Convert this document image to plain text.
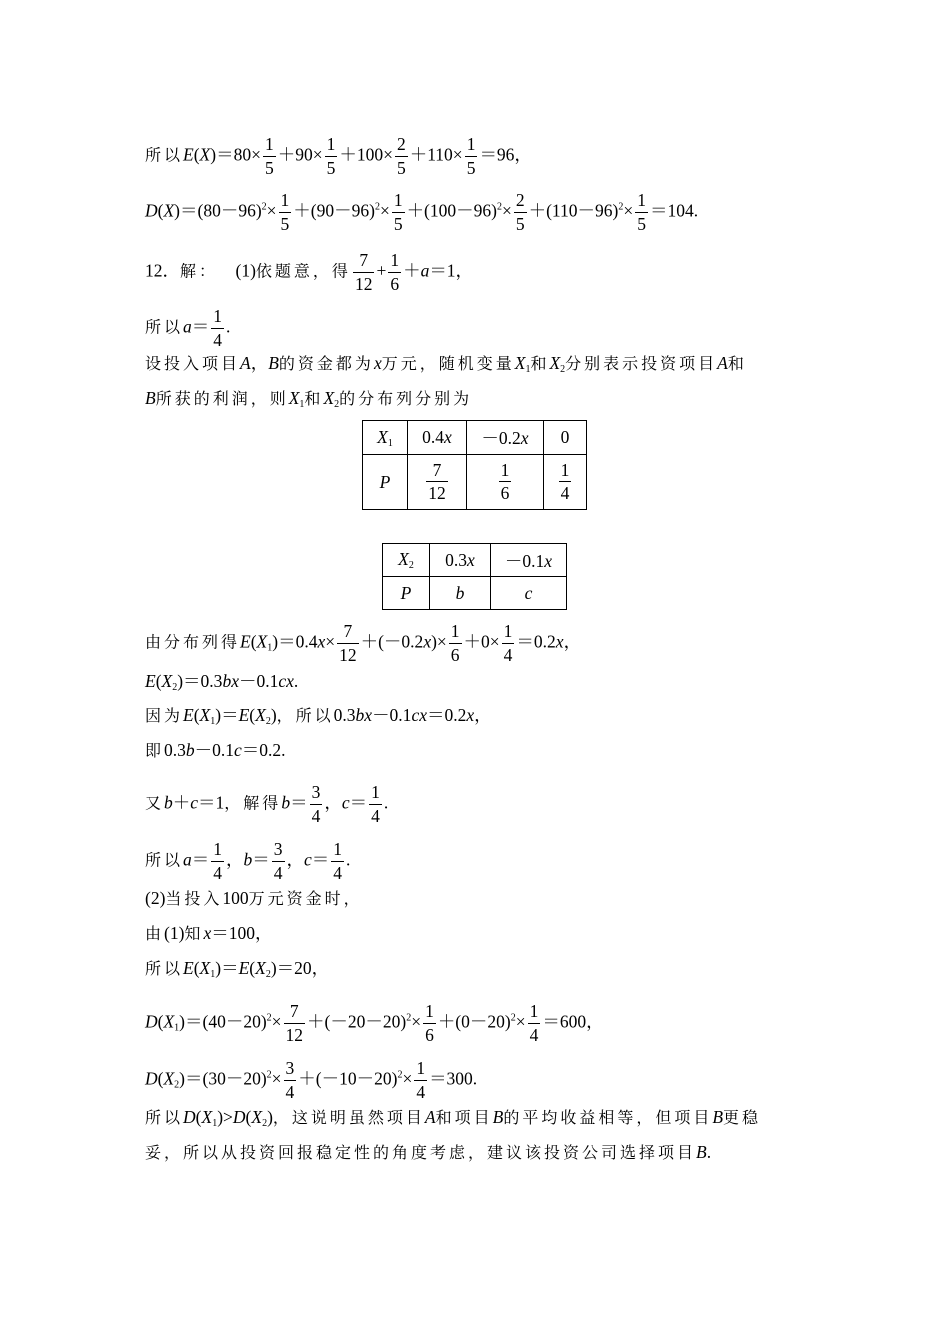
所以$E(X)=80\times \frac{1}{5} +90\times \frac{1}{5} +100\times \frac{2}{5} +110\times \frac{1}{5} =96$，
$D(X)=(80-96)^2\times \frac{1}{5} +(90-96)^2\times \frac{1}{5} +(100-96)^2\times \frac{2}{5} +(110-96)^2\times \frac{1}{5} =104$.
12．解：    (1)依题意，得 $\frac{7}{12} + \frac{1}{6} +a=1$，
所以$a= \frac{1}{4}$ .
设投入项目A，B的资金都为x万元，随机变量$X_1$和$X_2$分别表示投资项目A和
B所获的利润，则$X_1$和$X_2$的分布列分别为
$X_1$	0.4x	－0.2x	0
P	$\frac{7}{12}$	$\frac{1}{6}$	$\frac{1}{4}$
$X_2$	0.3x	－0.1x
P	b	c
由分布列得$E(X_1)=0.4x\times \frac{7}{12} +(-0.2x)\times \frac{1}{6} +0\times \frac{1}{4} =0.2x$，
$E(X_2)=0.3bx-0.1cx$.
因为$E(X_1)=E(X_2)$，所以0.3bx－0.1cx＝0.2x，
即0.3b－0.1c＝0.2.
又b＋c＝1，解得$b= \frac{3}{4}$ ，$c= \frac{1}{4}$ .
所以$a= \frac{1}{4}$ ，$b= \frac{3}{4}$ ，$c= \frac{1}{4}$ .
(2)当投入100万元资金时，
由(1)知x＝100，
所以$E(X_1)=E(X_2)=20$，
$D(X_1)=(40-20)^2\times \frac{7}{12} +(-20-20)^2\times \frac{1}{6} +(0-20)^2\times \frac{1}{4} =600$，
$D(X_2)=(30-20)^2\times \frac{3}{4} +(-10-20)^2\times \frac{1}{4} =300$.
所以$D(X_1)>D(X_2)$，这说明虽然项目A和项目B的平均收益相等，但项目B更稳
妥，所以从投资回报稳定性的角度考虑，建议该投资公司选择项目B.
